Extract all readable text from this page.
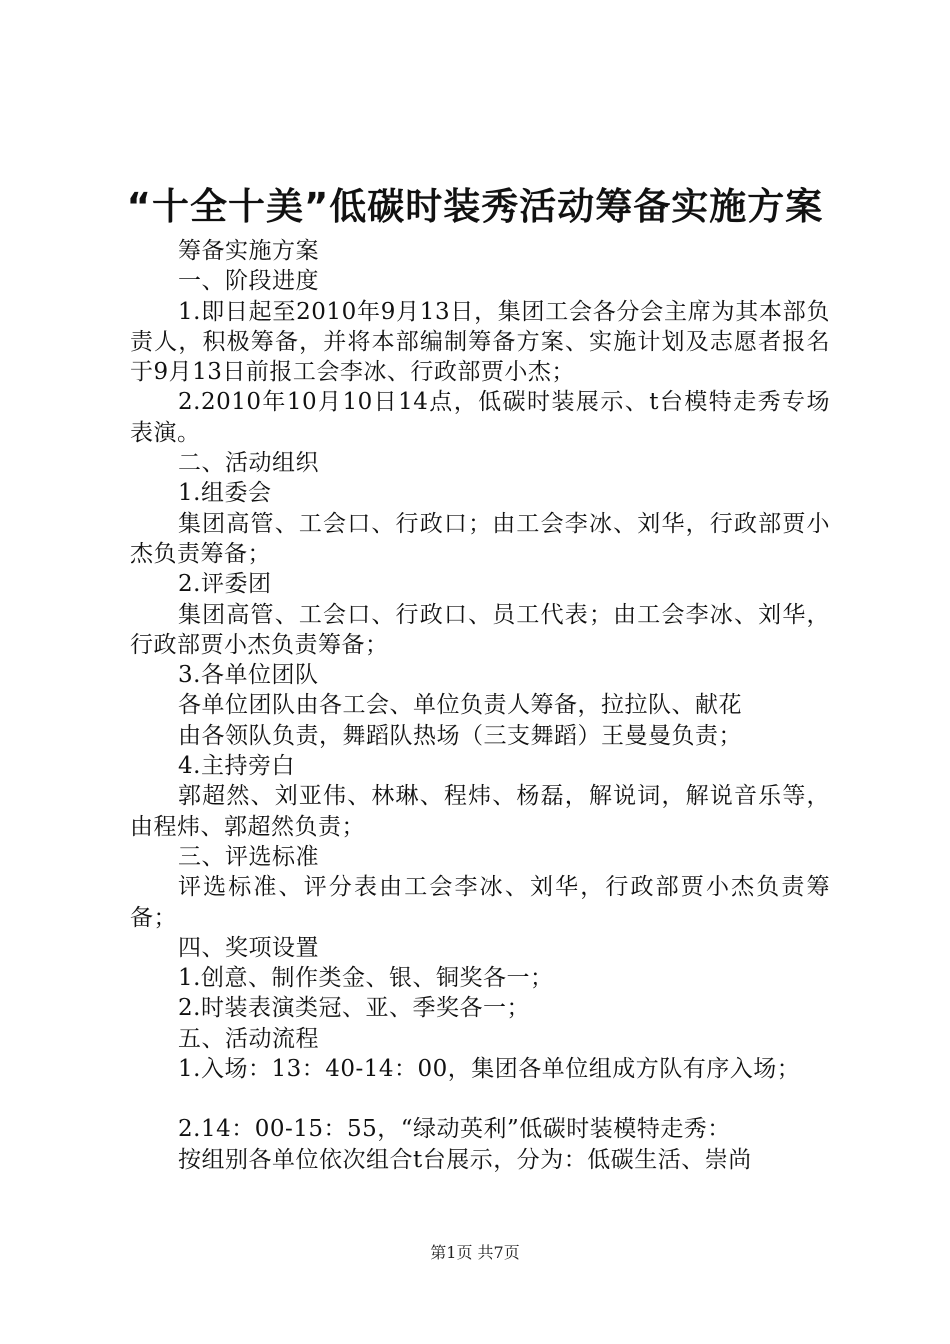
“十全十美”低碳时装秀活动筹备实施方案

筹备实施方案

一、阶段进度

1.即日起至2010年9月13日，集团工会各分会主席为其本部负责人，积极筹备，并将本部编制筹备方案、实施计划及志愿者报名于9月13日前报工会李冰、行政部贾小杰；

2.2010年10月10日14点，低碳时装展示、t台模特走秀专场表演。

二、活动组织

1.组委会

集团高管、工会口、行政口；由工会李冰、刘华，行政部贾小杰负责筹备；

2.评委团

集团高管、工会口、行政口、员工代表；由工会李冰、刘华，行政部贾小杰负责筹备；

3.各单位团队

各单位团队由各工会、单位负责人筹备，拉拉队、献花

由各领队负责，舞蹈队热场（三支舞蹈）王曼曼负责；

4.主持旁白

郭超然、刘亚伟、林琳、程炜、杨磊，解说词，解说音乐等，由程炜、郭超然负责；

三、评选标准

评选标准、评分表由工会李冰、刘华，行政部贾小杰负责筹备；

四、奖项设置

1.创意、制作类金、银、铜奖各一；

2.时装表演类冠、亚、季奖各一；

五、活动流程

1.入场：13：40-14：00，集团各单位组成方队有序入场；

2.14：00-15：55，“绿动英利”低碳时装模特走秀：

按组别各单位依次组合t台展示，分为：低碳生活、崇尚

第1页 共7页
